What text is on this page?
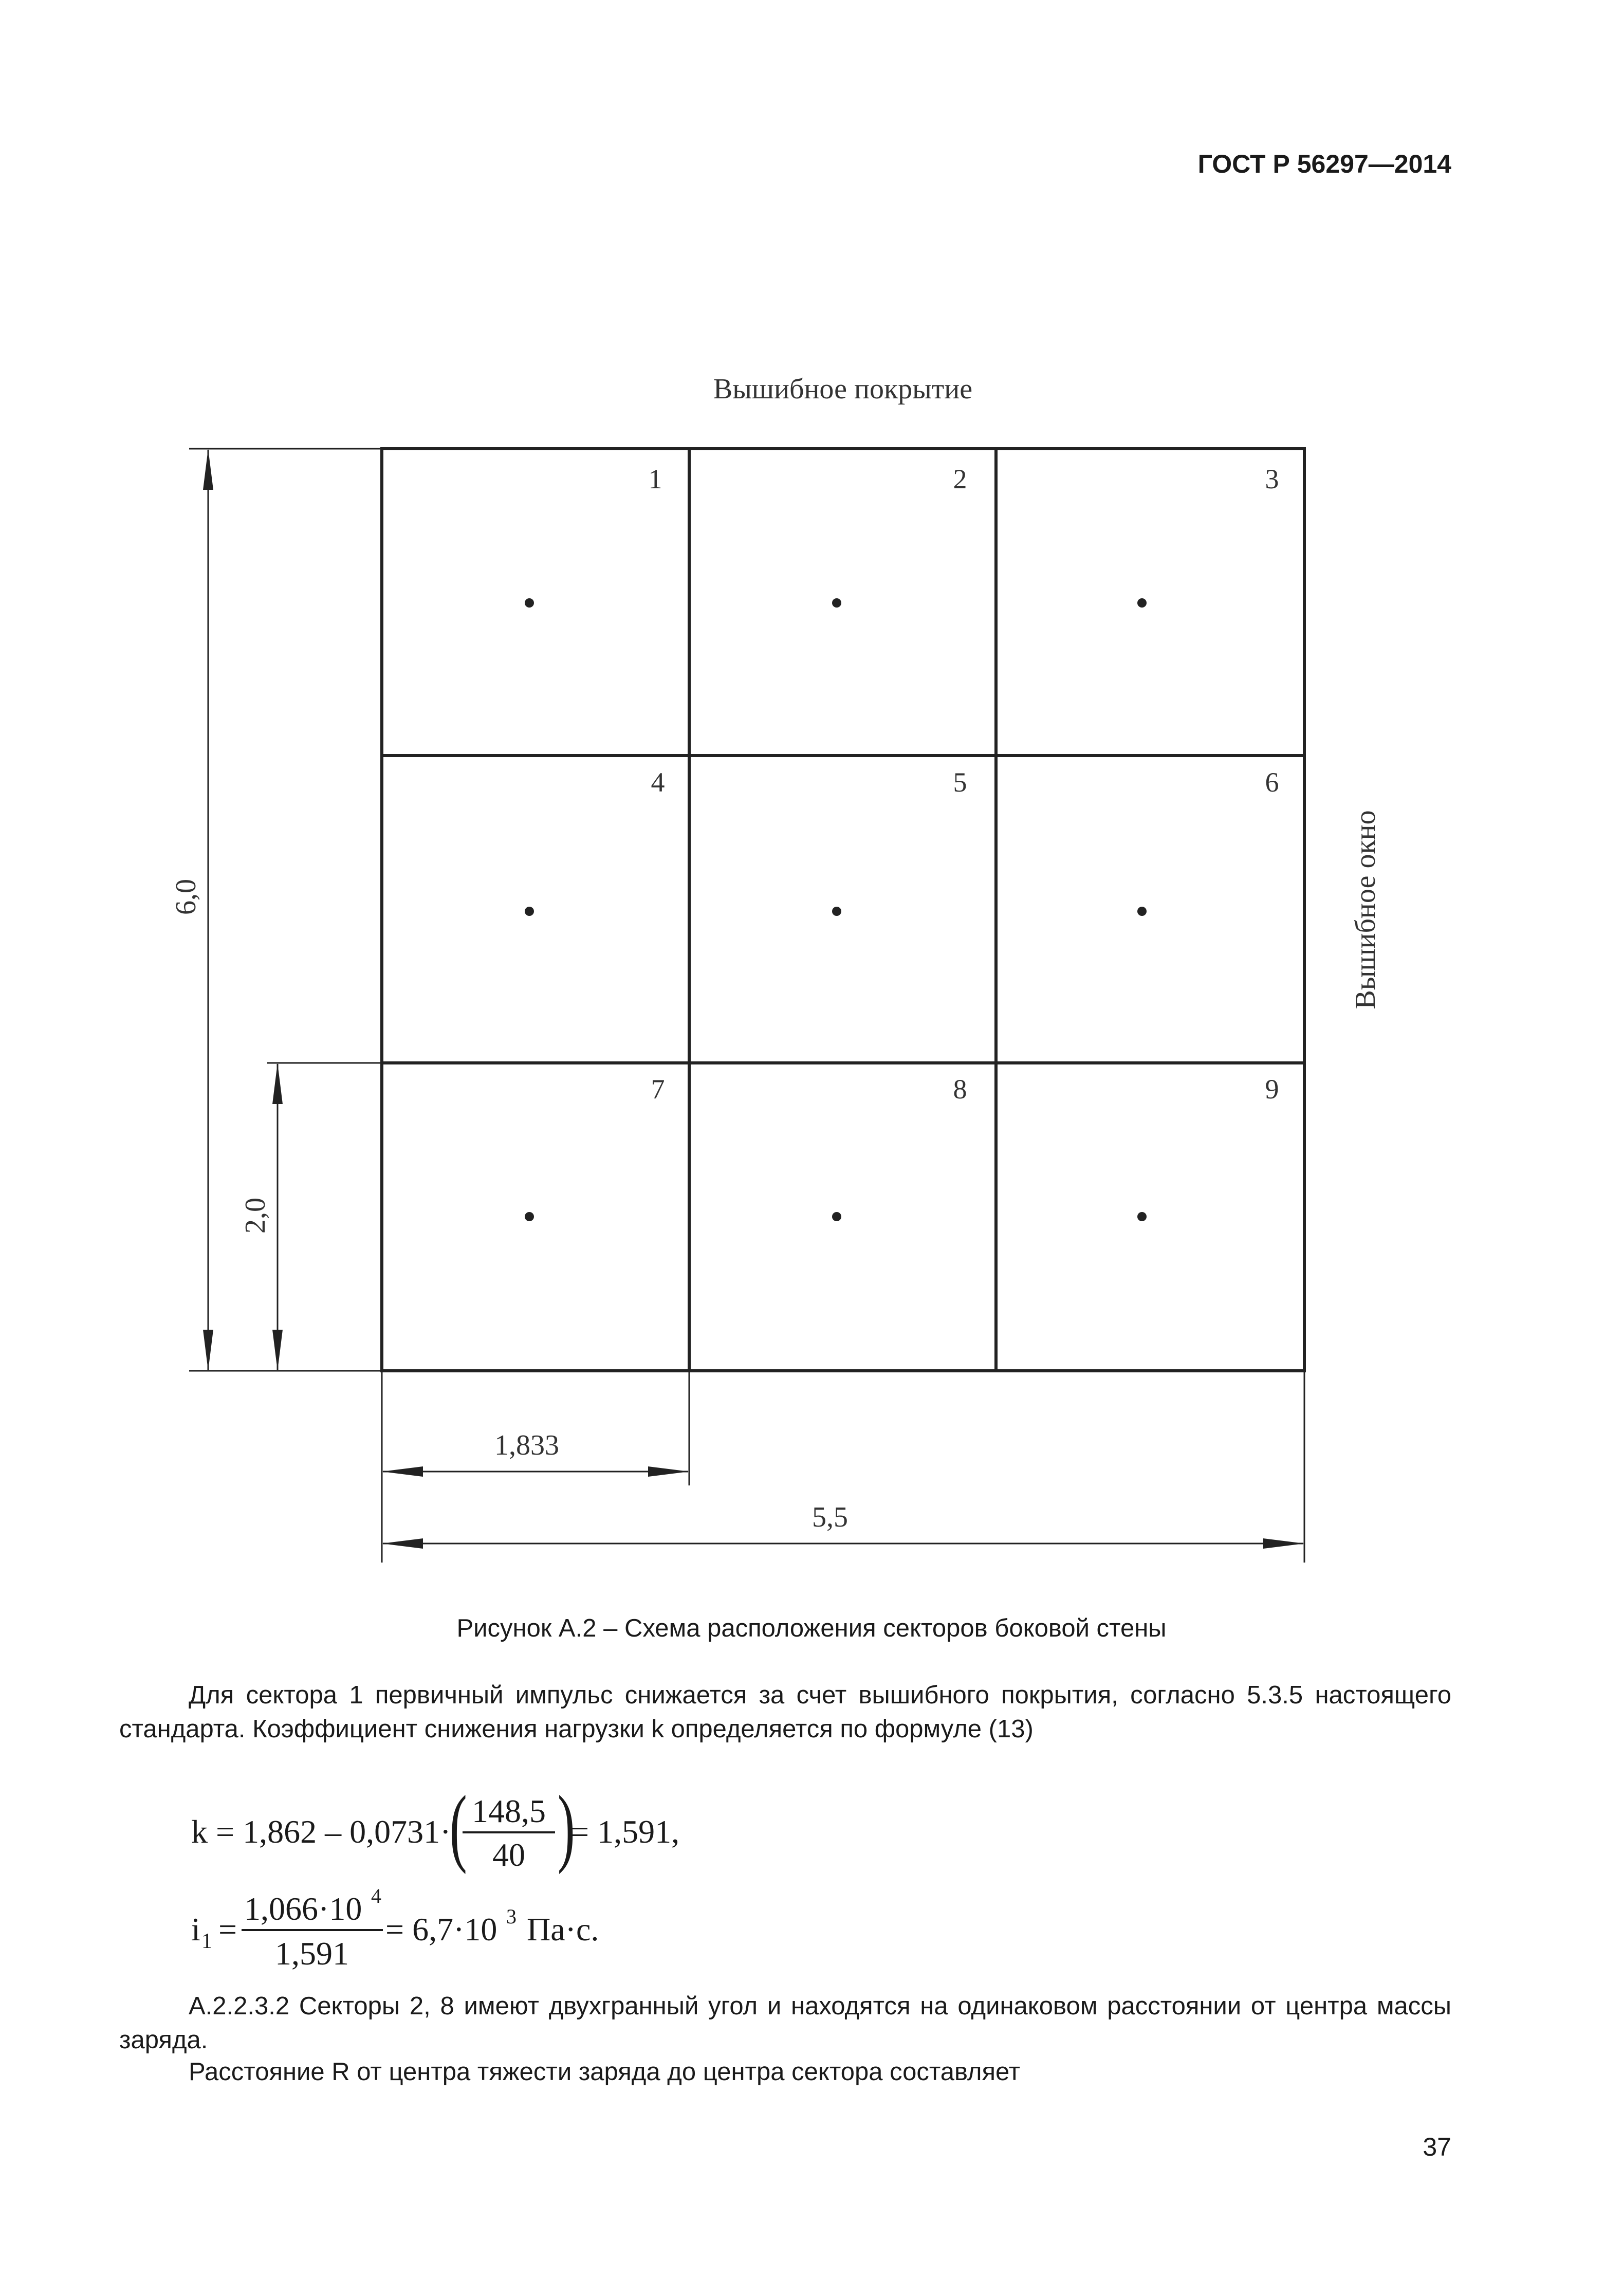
ГОСТ Р 56297—2014
Вышибное покрытие
1	2	3
4	5	6
7	8	9
Вышибное окно
6,0
2,0
1,833
5,5
Рисунок А.2 – Схема расположения секторов боковой стены
Для сектора 1 первичный импульс снижается за счет вышибного покрытия, согласно 5.3.5 настоящего стандарта. Коэффициент снижения нагрузки k определяется по формуле (13)
k = 1,862 – 0,0731·
( 148,5
40 )
= 1,591,
i 1 =
1,066·10 4
1,591
= 6,7·10 3 Па·с.
А.2.2.3.2 Секторы 2, 8 имеют двухгранный угол и находятся на одинаковом расстоянии от центра массы заряда.
Расстояние R от центра тяжести заряда до центра сектора составляет
37
